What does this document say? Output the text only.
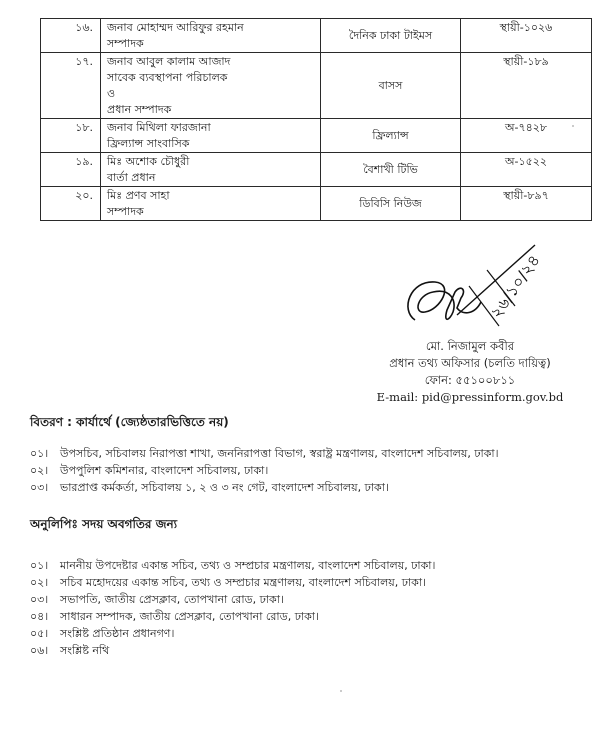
১৬.	জনাব মোহাম্মদ আরিফুর রহমান
সম্পাদক	দৈনিক ঢাকা টাইমস	স্থায়ী-১০২৬
১৭.	জনাব আবুল কালাম আজাদ
সাবেক ব্যবস্থাপনা পরিচালক
ও
প্রধান সম্পাদক	বাসস	স্থায়ী-১৮৯
১৮.	জনাব মিথিলা ফারজানা
ফ্রিল্যান্স সাংবাসিক	ফ্রিল্যান্স	অ-৭৪২৮
১৯.	মিঃ অশোক চৌধুরী
বার্তা প্রধান	বৈশাখী টিভি	অ-১৫২২
২০.	মিঃ প্রণব সাহা
সম্পাদক	ডিবিসি নিউজ	স্থায়ী-৮৯৭
২৬/১০/২৪
মো. নিজামুল কবীর
প্রধান তথ্য অফিসার (চলতি দায়িত্ব)
ফোন: ৫৫১০০৮১১
E-mail: pid@pressinform.gov.bd
বিতরণ : কার্যার্থে (জ্যেষ্ঠতারভিত্তিতে নয়)
০১।	উপসচিব, সচিবালয় নিরাপত্তা শাখা, জননিরাপত্তা বিভাগ, স্বরাষ্ট্র মন্ত্রণালয়, বাংলাদেশ সচিবালয়, ঢাকা।
০২।	উপপুলিশ কমিশনার, বাংলাদেশ সচিবালয়, ঢাকা।
০৩।	ভারপ্রাপ্ত কর্মকর্তা, সচিবালয় ১, ২ ও ৩ নং গেট, বাংলাদেশ সচিবালয়, ঢাকা।
অনুলিপিঃ সদয় অবগতির জন্য
০১।	মাননীয় উপদেষ্টার একান্ত সচিব, তথ্য ও সম্প্রচার মন্ত্রণালয়, বাংলাদেশ সচিবালয়, ঢাকা।
০২।	সচিব মহোদয়ের একান্ত সচিব, তথ্য ও সম্প্রচার মন্ত্রণালয়, বাংলাদেশ সচিবালয়, ঢাকা।
০৩।	সভাপতি, জাতীয় প্রেসক্লাব, তোপখানা রোড, ঢাকা।
০৪।	সাধারন সম্পাদক, জাতীয় প্রেসক্লাব, তোপখানা রোড, ঢাকা।
০৫।	সংশ্লিষ্ট প্রতিষ্ঠান প্রধানগণ।
০৬।	সংশ্লিষ্ট নথি
